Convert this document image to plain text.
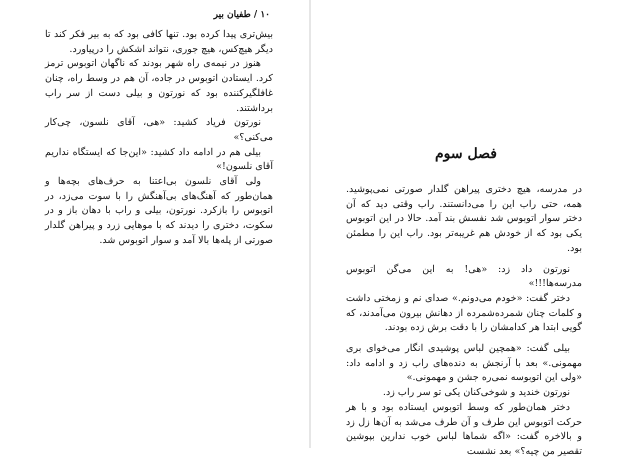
۱۰ / طفیان بیر

بیش‌تری پیدا کرده بود. تنها کافی بود که به بیر فکر کند تا دیگر هیچ‌کس، هیچ جوری، نتواند اشکش را درپیاورد.

هنوز در نیمه‌ی راه شهر بودند که ناگهان اتوبوس ترمز کرد. ایستادن اتوبوس در جاده، آن هم در وسط راه، چنان غافلگیرکننده بود که نورتون و بیلی دست از سر راب برداشتند.

نورتون فریاد کشید: «هی، آقای نلسون، چی‌کار می‌کنی؟»

بیلی هم در ادامه داد کشید: «این‌جا که ایستگاه نداریم آقای نلسون!»

ولی آقای نلسون بی‌اعتنا به حرف‌های بچه‌ها و همان‌طور که آهنگ‌های بی‌آهنگش را با سوت می‌زد، در اتوبوس را بازکرد. نورتون، بیلی و راب با دهان باز و در سکوت، دختری را دیدند که با موهایی زرد و پیراهن گلدار صورتی از پله‌ها بالا آمد و سوار اتوبوس شد.

فصل سوم

در مدرسه، هیچ دختری پیراهن گلدار صورتی نمی‌پوشید. همه، حتی راب این را می‌دانستند. راب وقتی دید که آن دختر سوار اتوبوس شد نفسش بند آمد. حالا در این اتوبوس یکی بود که از خودش هم غریبه‌تر بود. راب این را مطمئن بود.

نورتون داد زد: «هی! به این می‌گن اتوبوس مدرسه‌ها!!!»

دختر گفت: «خودم می‌دونم.» صدای نم و زمختی داشت و کلمات چنان شمرده‌شمرده از دهانش بیرون می‌آمدند، که گویی ابتدا هر کدامشان را با دقت برش زده بودند.

بیلی گفت: «همچین لباس پوشیدی انگار می‌خوای بری مهمونی.» بعد با آرنجش به دنده‌های راب زد و ادامه داد: «ولی این اتوبوسه نمی‌ره جشن و مهمونی.»

نورتون خندید و شوخی‌کنان یکی تو سر راب زد.

دختر همان‌طور که وسط اتوبوس ایستاده بود و با هر حرکت اتوبوس این طرف و آن طرف می‌شد به آن‌ها زل زد و بالاخره گفت: «اگه شماها لباس خوب ندارین بپوشین تقصیر من چیه؟» بعد نشست
